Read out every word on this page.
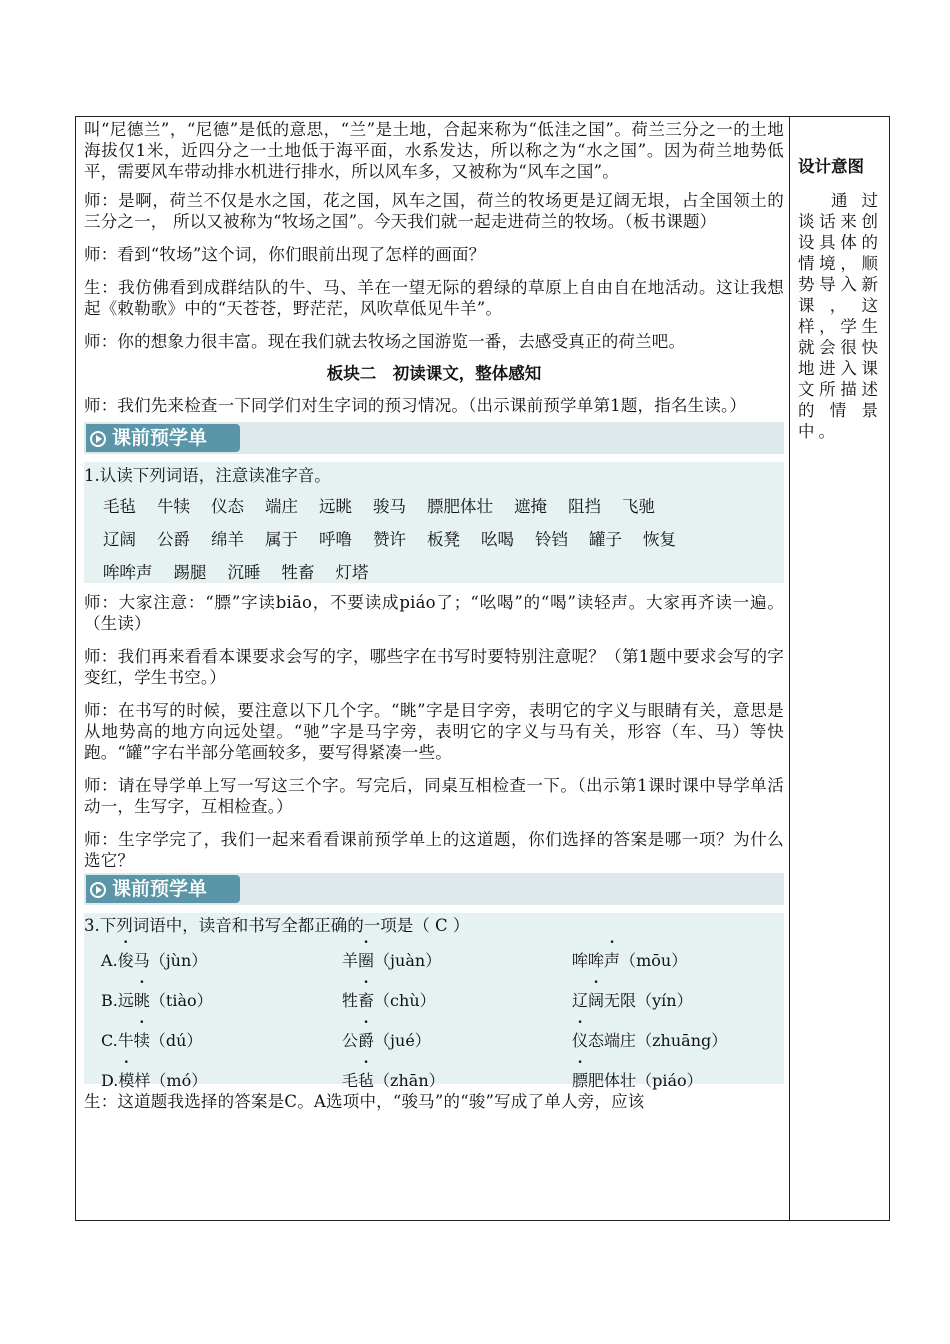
叫“尼德兰”，“尼德”是低的意思，“兰”是土地，合起来称为“低洼之国”。荷兰三分之一的土地海拔仅1米，近四分之一土地低于海平面，水系发达，所以称之为“水之国”。因为荷兰地势低平，需要风车带动排水机进行排水，所以风车多，又被称为“风车之国”。

师：是啊，荷兰不仅是水之国，花之国，风车之国，荷兰的牧场更是辽阔无垠，占全国领土的三分之一， 所以又被称为“牧场之国”。今天我们就一起走进荷兰的牧场。（板书课题）

师：看到“牧场”这个词，你们眼前出现了怎样的画面？

生：我仿佛看到成群结队的牛、马、羊在一望无际的碧绿的草原上自由自在地活动。这让我想起《敕勒歌》中的“天苍苍，野茫茫，风吹草低见牛羊”。

师：你的想象力很丰富。现在我们就去牧场之国游览一番，去感受真正的荷兰吧。

板块二　初读课文，整体感知

师：我们先来检查一下同学们对生字词的预习情况。（出示课前预学单第1题，指名生读。）

课前预学单
1.认读下列词语，注意读准字音。
毛毡 牛犊 仪态 端庄 远眺 骏马 膘肥体壮 遮掩 阻挡 飞驰
辽阔 公爵 绵羊 属于 呼噜 赞许 板凳 吆喝 铃铛 罐子 恢复
哞哞声 踢腿 沉睡 牲畜 灯塔

师：大家注意：“膘”字读biāo，不要读成piáo了；“吆喝”的“喝”读轻声。大家再齐读一遍。（生读）

师：我们再来看看本课要求会写的字，哪些字在书写时要特别注意呢？（第1题中要求会写的字变红，学生书空。）

师：在书写的时候，要注意以下几个字。“眺”字是目字旁，表明它的字义与眼睛有关，意思是从地势高的地方向远处望。“驰”字是马字旁，表明它的字义与马有关，形容（车、马）等快跑。“罐”字右半部分笔画较多，要写得紧凑一些。

师：请在导学单上写一写这三个字。写完后，同桌互相检查一下。（出示第1课时课中导学单活动一，生写字，互相检查。）

师：生字学完了，我们一起来看看课前预学单上的这道题，你们选择的答案是哪一项？为什么选它？

课前预学单
3.下列词语中，读音和书写全都正确的一项是（ C ）
A.俊马（jùn）	羊圈（juàn）	哞哞声（mōu）
B.远眺（tiào）	牲畜（chù）	辽阔无限（yín）
C.牛犊（dú）	公爵（jué）	仪态端庄（zhuāng）
D.模样（mó）	毛毡（zhān）	膘肥体壮（piáo）

生：这道题我选择的答案是C。A选项中，“骏马”的“骏”写成了单人旁，应该

设计意图
通过谈话来创设具体的情境，顺势导入新课，这样，学生就会很快地进入课文所描述的情景中。
